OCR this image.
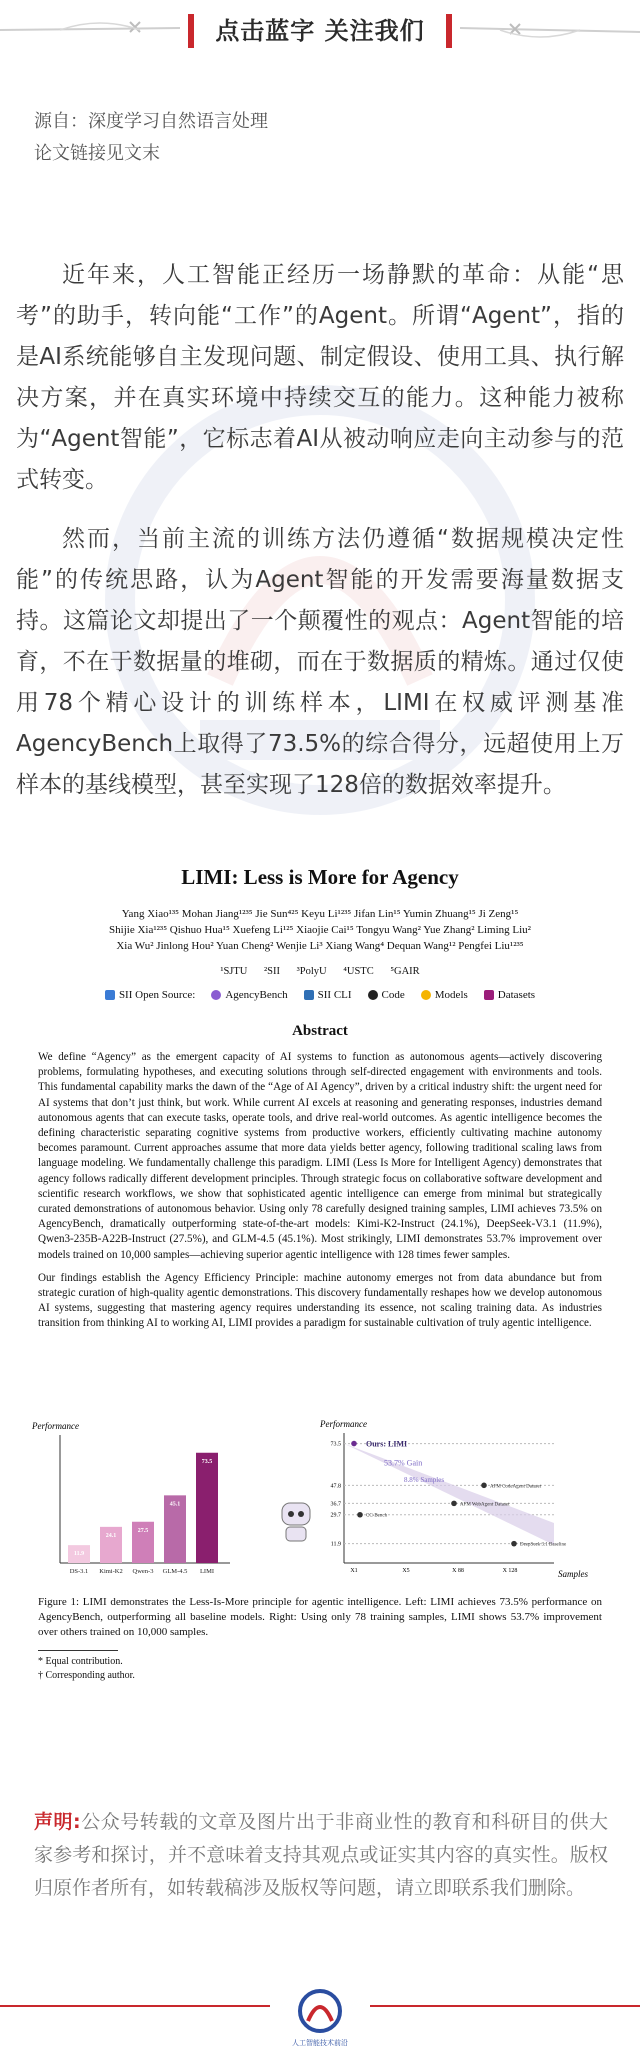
点击蓝字 关注我们
源自：深度学习自然语言处理
论文链接见文末

近年来，人工智能正经历一场静默的革命：从能“思考”的助手，转向能“工作”的Agent。所谓“Agent”，指的是AI系统能够自主发现问题、制定假设、使用工具、执行解决方案，并在真实环境中持续交互的能力。这种能力被称为“Agent智能”，它标志着AI从被动响应走向主动参与的范式转变。

然而，当前主流的训练方法仍遵循“数据规模决定性能”的传统思路，认为Agent智能的开发需要海量数据支持。这篇论文却提出了一个颠覆性的观点：Agent智能的培育，不在于数据量的堆砌，而在于数据质的精炼。通过仅使用78个精心设计的训练样本，LIMI在权威评测基准AgencyBench上取得了73.5%的综合得分，远超使用上万样本的基线模型，甚至实现了128倍的数据效率提升。

LIMI: Less is More for Agency
Yang Xiao¹³⁵ Mohan Jiang¹²³⁵ Jie Sun⁴²⁵ Keyu Li¹²³⁵ Jifan Lin¹⁵ Yumin Zhuang¹⁵ Ji Zeng¹⁵
Shijie Xia¹²³⁵ Qishuo Hua¹⁵ Xuefeng Li¹²⁵ Xiaojie Cai¹⁵ Tongyu Wang² Yue Zhang² Liming Liu²
Xia Wu² Jinlong Hou² Yuan Cheng² Wenjie Li³ Xiang Wang⁴ Dequan Wang¹² Pengfei Liu¹²³⁵
¹SJTU ²SII ³PolyU ⁴USTC ⁵GAIR
SII Open Source:	AgencyBench	SII CLI	Code	Models	Datasets
Abstract

We define “Agency” as the emergent capacity of AI systems to function as autonomous agents—actively discovering problems, formulating hypotheses, and executing solutions through self-directed engagement with environments and tools. This fundamental capability marks the dawn of the “Age of AI Agency”, driven by a critical industry shift: the urgent need for AI systems that don’t just think, but work. While current AI excels at reasoning and generating responses, industries demand autonomous agents that can execute tasks, operate tools, and drive real-world outcomes. As agentic intelligence becomes the defining characteristic separating cognitive systems from productive workers, efficiently cultivating machine autonomy becomes paramount. Current approaches assume that more data yields better agency, following traditional scaling laws from language modeling. We fundamentally challenge this paradigm. LIMI (Less Is More for Intelligent Agency) demonstrates that agency follows radically different development principles. Through strategic focus on collaborative software development and scientific research workflows, we show that sophisticated agentic intelligence can emerge from minimal but strategically curated demonstrations of autonomous behavior. Using only 78 carefully designed training samples, LIMI achieves 73.5% on AgencyBench, dramatically outperforming state-of-the-art models: Kimi-K2-Instruct (24.1%), DeepSeek-V3.1 (11.9%), Qwen3-235B-A22B-Instruct (27.5%), and GLM-4.5 (45.1%). Most strikingly, LIMI demonstrates 53.7% improvement over models trained on 10,000 samples—achieving superior agentic intelligence with 128 times fewer samples.

Our findings establish the Agency Efficiency Principle: machine autonomy emerges not from data abundance but from strategic curation of high-quality agentic demonstrations. This discovery fundamentally reshapes how we develop autonomous AI systems, suggesting that mastering agency requires understanding its essence, not scaling training data. As industries transition from thinking AI to working AI, LIMI provides a paradigm for sustainable cultivation of truly agentic intelligence.

Performance
11.9
DS-3.1
24.1
Kimi-K2
27.5
Qwen-3
45.1
GLM-4.5
73.5
LIMI
Performance
Samples
73.5
47.8
36.7
29.7
11.9
X1	X5	X 88	X 128
Ours: LIMI
53.7% Gain
8.8% Samples
AFM CodeAgent Dataset
AFM WebAgent Dataset
CC-Bench
DeepSeek 3.1 Baseline
Figure 1: LIMI demonstrates the Less-Is-More principle for agentic intelligence. Left: LIMI achieves 73.5% performance on AgencyBench, outperforming all baseline models. Right: Using only 78 training samples, LIMI shows 53.7% improvement over others trained on 10,000 samples.
* Equal contribution.
† Corresponding author.
声明:公众号转载的文章及图片出于非商业性的教育和科研目的供大家参考和探讨，并不意味着支持其观点或证实其内容的真实性。版权归原作者所有，如转载稿涉及版权等问题，请立即联系我们删除。
人工智能技术前沿
